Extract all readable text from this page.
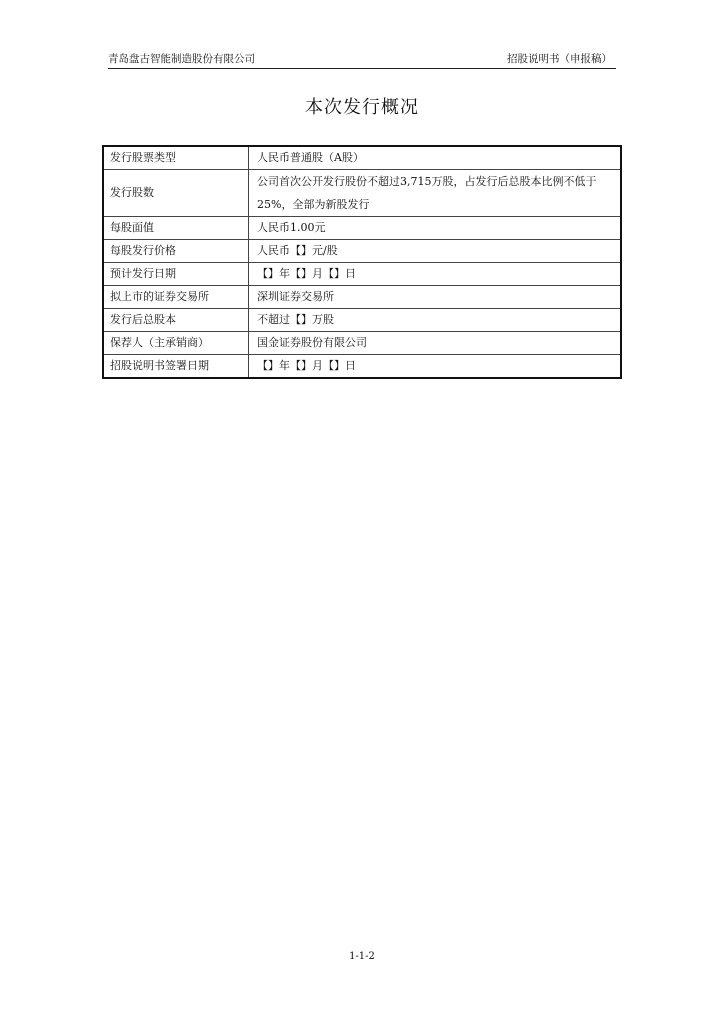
青岛盘古智能制造股份有限公司	招股说明书（申报稿）
本次发行概况
发行股票类型	人民币普通股（A股）
发行股数	公司首次公开发行股份不超过3,715万股，占发行后总股本比例不低于25%，全部为新股发行
每股面值	人民币1.00元
每股发行价格	人民币【】元/股
预计发行日期	【】年【】月【】日
拟上市的证券交易所	深圳证券交易所
发行后总股本	不超过【】万股
保荐人（主承销商）	国金证券股份有限公司
招股说明书签署日期	【】年【】月【】日
1-1-2
